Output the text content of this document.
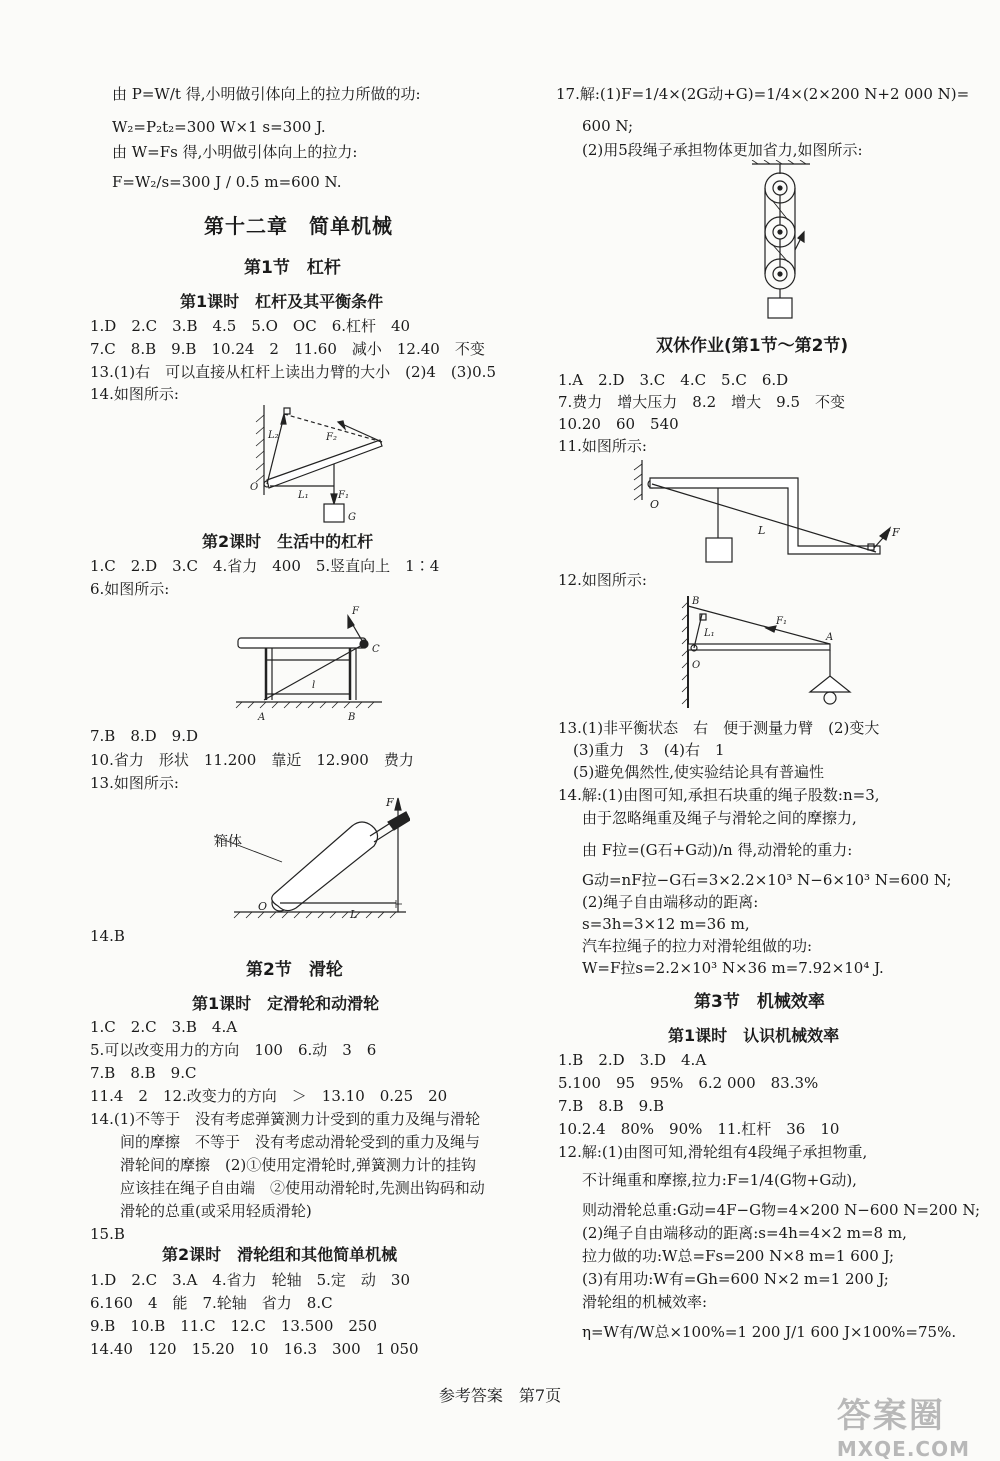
由 P=W/t 得,小明做引体向上的拉力所做的功:
W₂=P₂t₂=300 W×1 s=300 J.
由 W=Fs 得,小明做引体向上的拉力:
F=W₂/s=300 J / 0.5 m=600 N.
第十二章　简单机械
第1节　杠杆
第1课时　杠杆及其平衡条件
1.D　2.C　3.B　4.5　5.O　OC　6.杠杆　40
7.C　8.B　9.B　10.24　2　11.60　减小　12.40　不变
13.(1)右　可以直接从杠杆上读出力臂的大小　(2)4　(3)0.5
14.如图所示:
L₂	F₂
O
L₁	F₁
G
第2课时　生活中的杠杆
1.C　2.D　3.C　4.省力　400　5.竖直向上　1∶4
6.如图所示:
F
C
l
A	B
7.B　8.D　9.D
10.省力　形状　11.200　靠近　12.900　费力
13.如图所示:
F
O
L
箱体
14.B
第2节　滑轮
第1课时　定滑轮和动滑轮
1.C　2.C　3.B　4.A
5.可以改变用力的方向　100　6.动　3　6
7.B　8.B　9.C
11.4　2　12.改变力的方向　＞　13.10　0.25　20
14.(1)不等于　没有考虑弹簧测力计受到的重力及绳与滑轮
　　间的摩擦　不等于　没有考虑动滑轮受到的重力及绳与
　　滑轮间的摩擦　(2)①使用定滑轮时,弹簧测力计的挂钩
　　应该挂在绳子自由端　②使用动滑轮时,先测出钩码和动
　　滑轮的总重(或采用轻质滑轮)
15.B
第2课时　滑轮组和其他简单机械
1.D　2.C　3.A　4.省力　轮轴　5.定　动　30
6.160　4　能　7.轮轴　省力　8.C
9.B　10.B　11.C　12.C　13.500　250
14.40　120　15.20　10　16.3　300　1 050
17.解:(1)F=1/4×(2G动+G)=1/4×(2×200 N+2 000 N)=
600 N;
(2)用5段绳子承担物体更加省力,如图所示:
双休作业(第1节～第2节)
1.A　2.D　3.C　4.C　5.C　6.D
7.费力　增大压力　8.2　增大　9.5　不变
10.20　60　540
11.如图所示:
O
L	F
12.如图所示:
B
L₁
F₁
A
O
13.(1)非平衡状态　右　便于测量力臂　(2)变大
　(3)重力　3　(4)右　1
　(5)避免偶然性,使实验结论具有普遍性
14.解:(1)由图可知,承担石块重的绳子股数:n=3,
由于忽略绳重及绳子与滑轮之间的摩擦力,
由 F拉=(G石+G动)/n 得,动滑轮的重力:
G动=nF拉−G石=3×2.2×10³ N−6×10³ N=600 N;
(2)绳子自由端移动的距离:
s=3h=3×12 m=36 m,
汽车拉绳子的拉力对滑轮组做的功:
W=F拉s=2.2×10³ N×36 m=7.92×10⁴ J.
第3节　机械效率
第1课时　认识机械效率
1.B　2.D　3.D　4.A
5.100　95　95%　6.2 000　83.3%
7.B　8.B　9.B
10.2.4　80%　90%　11.杠杆　36　10
12.解:(1)由图可知,滑轮组有4段绳子承担物重,
不计绳重和摩擦,拉力:F=1/4(G物+G动),
则动滑轮总重:G动=4F−G物=4×200 N−600 N=200 N;
(2)绳子自由端移动的距离:s=4h=4×2 m=8 m,
拉力做的功:W总=Fs=200 N×8 m=1 600 J;
(3)有用功:W有=Gh=600 N×2 m=1 200 J;
滑轮组的机械效率:
η=W有/W总×100%=1 200 J/1 600 J×100%=75%.
参考答案　第7页
答案圈
MXQE.COM
